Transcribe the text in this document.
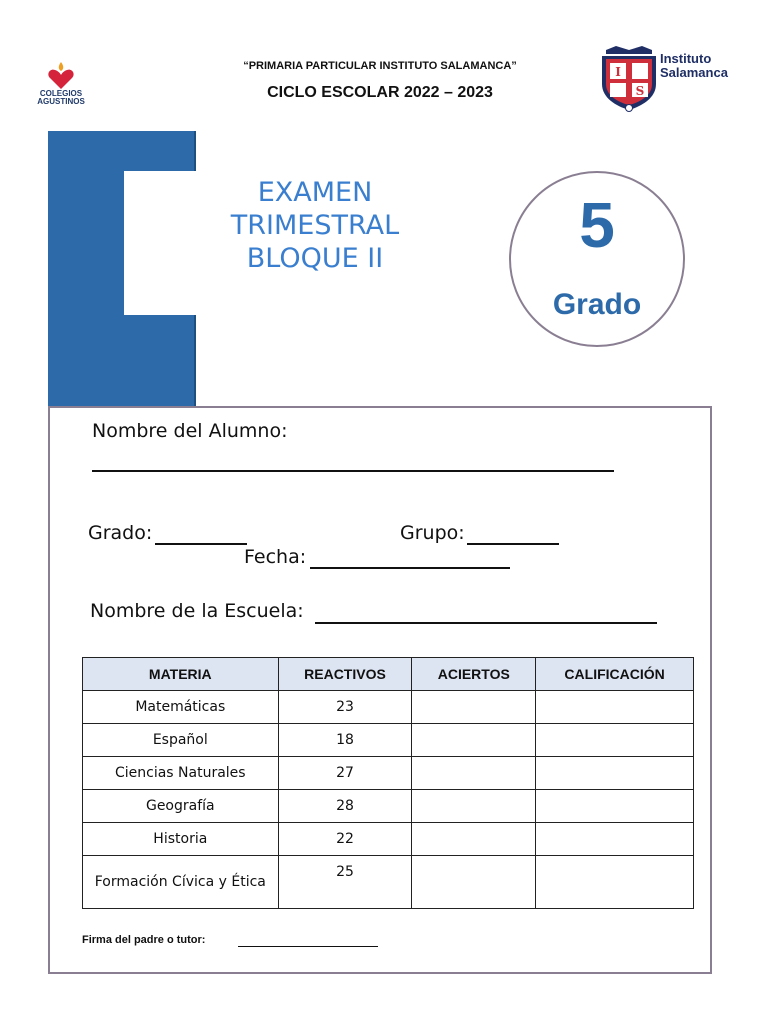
COLEGIOS AGUSTINOS
“PRIMARIA PARTICULAR INSTITUTO SALAMANCA”
CICLO ESCOLAR 2022 – 2023
I
S
Instituto
Salamanca
EXAMEN
TRIMESTRAL
BLOQUE II	5
Grado
Nombre del Alumno:
Grado:	Grupo:
Fecha:
Nombre de la Escuela:
MATERIA	REACTIVOS	ACIERTOS	CALIFICACIÓN
Matemáticas	23		
Español	18		
Ciencias Naturales	27		
Geografía	28		
Historia	22		
Formación Cívica y Ética	25		
Firma del padre o tutor:
